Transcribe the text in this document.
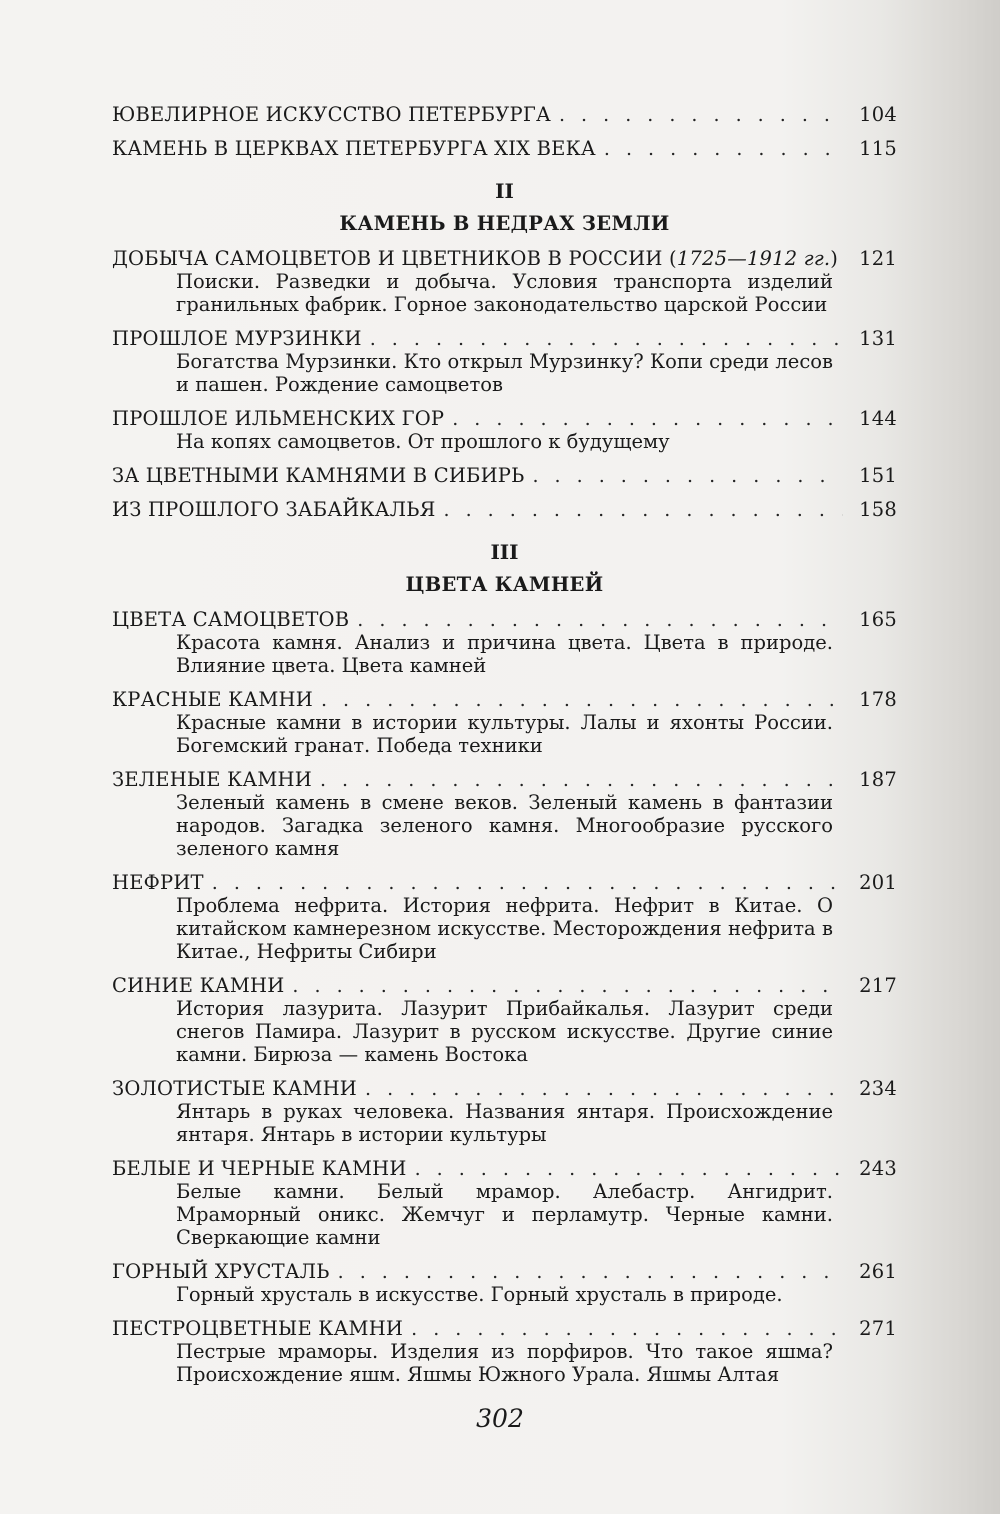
ЮВЕЛИРНОЕ ИСКУССТВО ПЕТЕРБУРГА . . .	104
КАМЕНЬ В ЦЕРКВАХ ПЕТЕРБУРГА XIX ВЕКА . . .	115
II
КАМЕНЬ В НЕДРАХ ЗЕМЛИ
ДОБЫЧА САМОЦВЕТОВ И ЦВЕТНИКОВ В РОССИИ (1725—1912 гг.) 121
Поиски. Разведки и добыча. Условия транспорта изделий гранильных фабрик. Горное законодательство царской России
ПРОШЛОЕ МУРЗИНКИ . . .	131
Богатства Мурзинки. Кто открыл Мурзинку? Копи среди лесов и пашен. Рождение самоцветов
ПРОШЛОЕ ИЛЬМЕНСКИХ ГОР . . .	144
На копях самоцветов. От прошлого к будущему
ЗА ЦВЕТНЫМИ КАМНЯМИ В СИБИРЬ . . .	151
ИЗ ПРОШЛОГО ЗАБАЙКАЛЬЯ . . .	158
III
ЦВЕТА КАМНЕЙ
ЦВЕТА САМОЦВЕТОВ . . .	165
Красота камня. Анализ и причина цвета. Цвета в природе. Влияние цвета. Цвета камней
КРАСНЫЕ КАМНИ . . .	178
Красные камни в истории культуры. Лалы и яхонты России. Богемский гранат. Победа техники
ЗЕЛЕНЫЕ КАМНИ . . .	187
Зеленый камень в смене веков. Зеленый камень в фантазии народов. Загадка зеленого камня. Многообразие русского зеленого камня
НЕФРИТ . . .	201
Проблема нефрита. История нефрита. Нефрит в Китае. О китайском камнерезном искусстве. Месторождения нефрита в Китае., Нефриты Сибири
СИНИЕ КАМНИ . . .	217
История лазурита. Лазурит Прибайкалья. Лазурит среди снегов Памира. Лазурит в русском искусстве. Другие синие камни. Бирюза — камень Востока
ЗОЛОТИСТЫЕ КАМНИ . . .	234
Янтарь в руках человека. Названия янтаря. Происхождение янтаря. Янтарь в истории культуры
БЕЛЫЕ И ЧЕРНЫЕ КАМНИ . . .	243
Белые камни. Белый мрамор. Алебастр. Ангидрит. Мраморный оникс. Жемчуг и перламутр. Черные камни. Сверкающие камни
ГОРНЫЙ ХРУСТАЛЬ . . .	261
Горный хрусталь в искусстве. Горный хрусталь в природе.
ПЕСТРОЦВЕТНЫЕ КАМНИ . . .	271
Пестрые мраморы. Изделия из порфиров. Что такое яшма? Происхождение яшм. Яшмы Южного Урала. Яшмы Алтая
302
